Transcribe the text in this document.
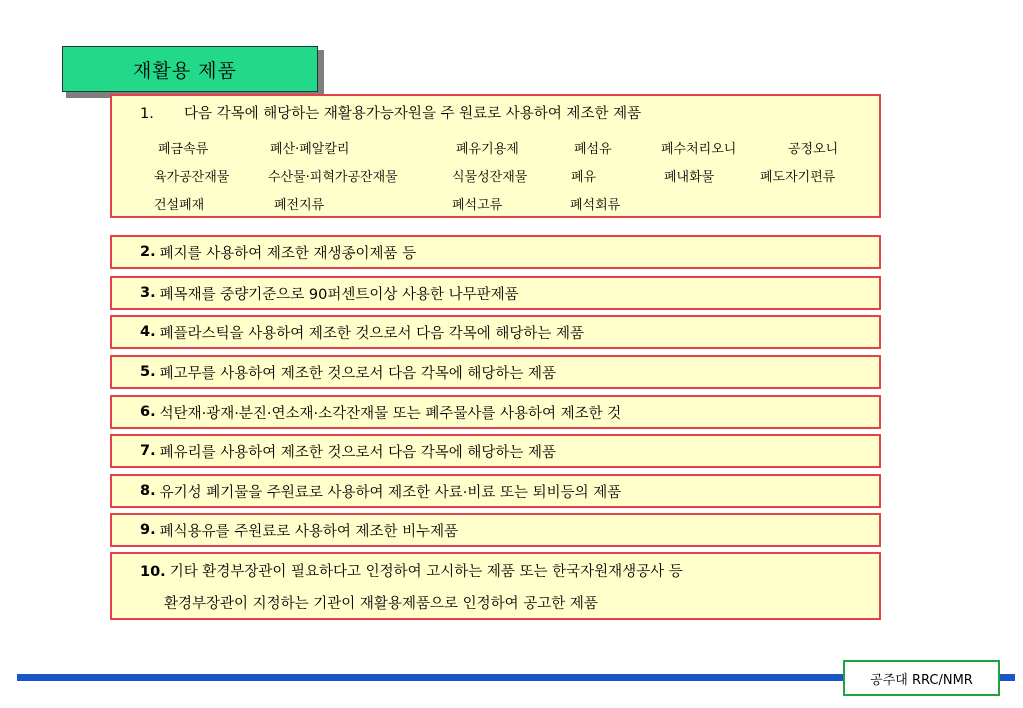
재활용 제품
1. 다음 각목에 해당하는 재활용가능자원을 주 원료로 사용하여 제조한 제품
폐금속류	폐산·폐알칼리	폐유기용제	폐섬유	폐수처리오니	공정오니
육가공잔재물	수산물·피혁가공잔재물	식물성잔재물	폐유	폐내화물	폐도자기편류
건설폐재	폐전지류	폐석고류	폐석회류
2. 폐지를 사용하여 제조한 재생종이제품 등
3. 폐목재를 중량기준으로 90퍼센트이상 사용한 나무판제품
4. 폐플라스틱을 사용하여 제조한 것으로서 다음 각목에 해당하는 제품
5. 폐고무를 사용하여 제조한 것으로서 다음 각목에 해당하는 제품
6. 석탄재·광재·분진·연소재·소각잔재물 또는 폐주물사를 사용하여 제조한 것
7. 폐유리를 사용하여 제조한 것으로서 다음 각목에 해당하는 제품
8. 유기성 폐기물을 주원료로 사용하여 제조한 사료·비료 또는 퇴비등의 제품
9. 폐식용유를 주원료로 사용하여 제조한 비누제품
10. 기타 환경부장관이 필요하다고 인정하여 고시하는 제품 또는 한국자원재생공사 등
환경부장관이 지정하는 기관이 재활용제품으로 인정하여 공고한 제품
공주대 RRC/NMR
